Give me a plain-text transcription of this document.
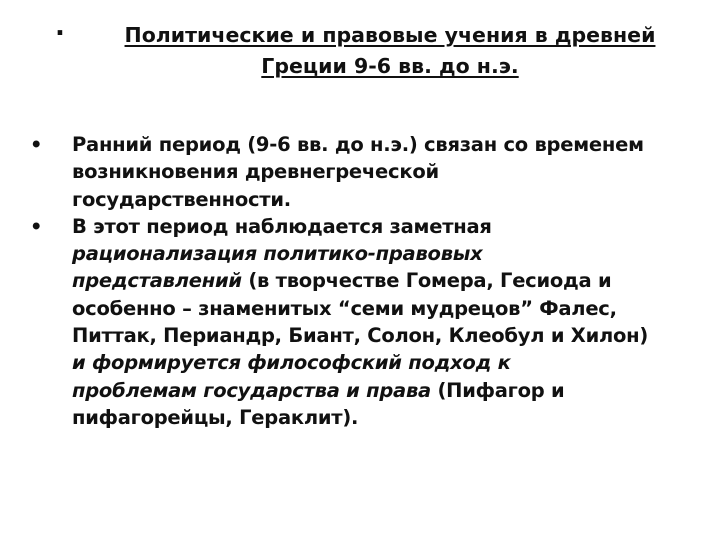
.	Политические и правовые учения в древней
Греции 9-6 вв. до н.э.
•	Ранний период (9-6 вв. до н.э.) связан со временем
возникновения древнегреческой
государственности.
•	В этот период наблюдается заметная
рационализация политико-правовых
представлений (в творчестве Гомера, Гесиода и
особенно – знаменитых “семи мудрецов” Фалес,
Питтак, Периандр, Биант, Солон, Клеобул и Хилон)
и формируется философский подход к
проблемам государства и права (Пифагор и
пифагорейцы, Гераклит).
